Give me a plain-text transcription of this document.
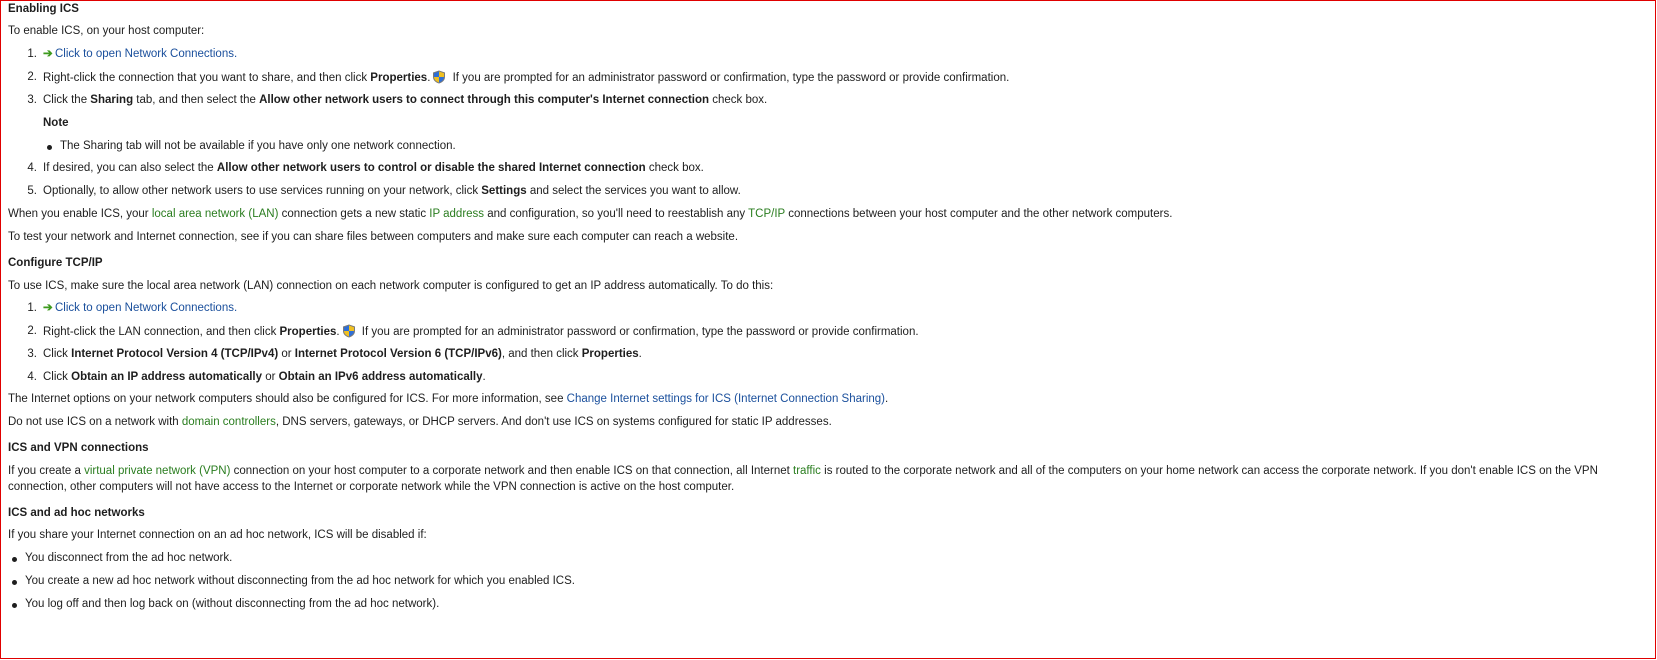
Enabling ICS
To enable ICS, on your host computer:
1. ➔ Click to open Network Connections.
2. Right-click the connection that you want to share, and then click Properties. If you are prompted for an administrator password or confirmation, type the password or provide confirmation.
3. Click the Sharing tab, and then select the Allow other network users to connect through this computer's Internet connection check box.
Note
The Sharing tab will not be available if you have only one network connection.
4. If desired, you can also select the Allow other network users to control or disable the shared Internet connection check box.
5. Optionally, to allow other network users to use services running on your network, click Settings and select the services you want to allow.
When you enable ICS, your local area network (LAN) connection gets a new static IP address and configuration, so you'll need to reestablish any TCP/IP connections between your host computer and the other network computers.
To test your network and Internet connection, see if you can share files between computers and make sure each computer can reach a website.
Configure TCP/IP
To use ICS, make sure the local area network (LAN) connection on each network computer is configured to get an IP address automatically. To do this:
1. ➔ Click to open Network Connections.
2. Right-click the LAN connection, and then click Properties. If you are prompted for an administrator password or confirmation, type the password or provide confirmation.
3. Click Internet Protocol Version 4 (TCP/IPv4) or Internet Protocol Version 6 (TCP/IPv6), and then click Properties.
4. Click Obtain an IP address automatically or Obtain an IPv6 address automatically.
The Internet options on your network computers should also be configured for ICS. For more information, see Change Internet settings for ICS (Internet Connection Sharing).
Do not use ICS on a network with domain controllers, DNS servers, gateways, or DHCP servers. And don't use ICS on systems configured for static IP addresses.
ICS and VPN connections
If you create a virtual private network (VPN) connection on your host computer to a corporate network and then enable ICS on that connection, all Internet traffic is routed to the corporate network and all of the computers on your home network can access the corporate network. If you don't enable ICS on the VPN connection, other computers will not have access to the Internet or corporate network while the VPN connection is active on the host computer.
ICS and ad hoc networks
If you share your Internet connection on an ad hoc network, ICS will be disabled if:
You disconnect from the ad hoc network.
You create a new ad hoc network without disconnecting from the ad hoc network for which you enabled ICS.
You log off and then log back on (without disconnecting from the ad hoc network).
